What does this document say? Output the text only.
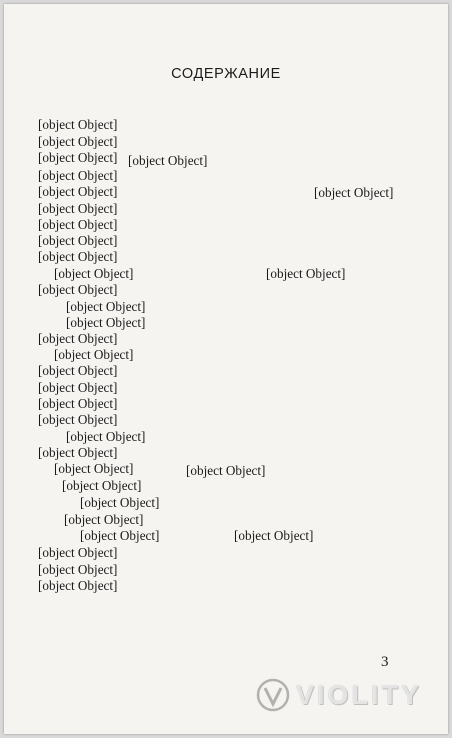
СОДЕРЖАНИЕ
[object Object]
[object Object]
[object Object] [object Object]
[object Object]
[object Object]	[object Object]
[object Object]
[object Object]
[object Object]
[object Object]
[object Object]	[object Object]
[object Object]
[object Object]
[object Object]
[object Object]
[object Object]
[object Object]
[object Object]
[object Object]
[object Object]
[object Object]
[object Object]
[object Object]	[object Object]
[object Object]
[object Object]
[object Object]
[object Object]	[object Object]
[object Object]
[object Object]
[object Object]
3
VIOLITY
